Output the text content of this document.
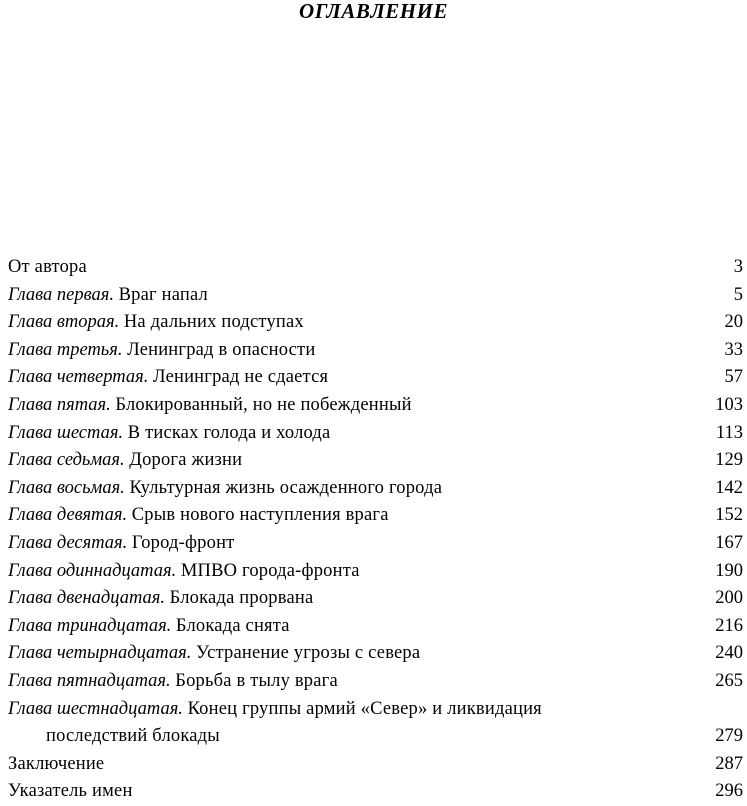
ОГЛАВЛЕНИЕ
От автора	3
Глава первая. Враг напал	5
Глава вторая. На дальних подступах	20
Глава третья. Ленинград в опасности	33
Глава четвертая. Ленинград не сдается	57
Глава пятая. Блокированный, но не побежденный	103
Глава шестая. В тисках голода и холода	113
Глава седьмая. Дорога жизни	129
Глава восьмая. Культурная жизнь осажденного города	142
Глава девятая. Срыв нового наступления врага	152
Глава десятая. Город-фронт	167
Глава одиннадцатая. МПВО города-фронта	190
Глава двенадцатая. Блокада прорвана	200
Глава тринадцатая. Блокада снята	216
Глава четырнадцатая. Устранение угрозы с севера	240
Глава пятнадцатая. Борьба в тылу врага	265
Глава шестнадцатая. Конец группы армий «Север» и ликвидация
последствий блокады	279
Заключение	287
Указатель имен	296
